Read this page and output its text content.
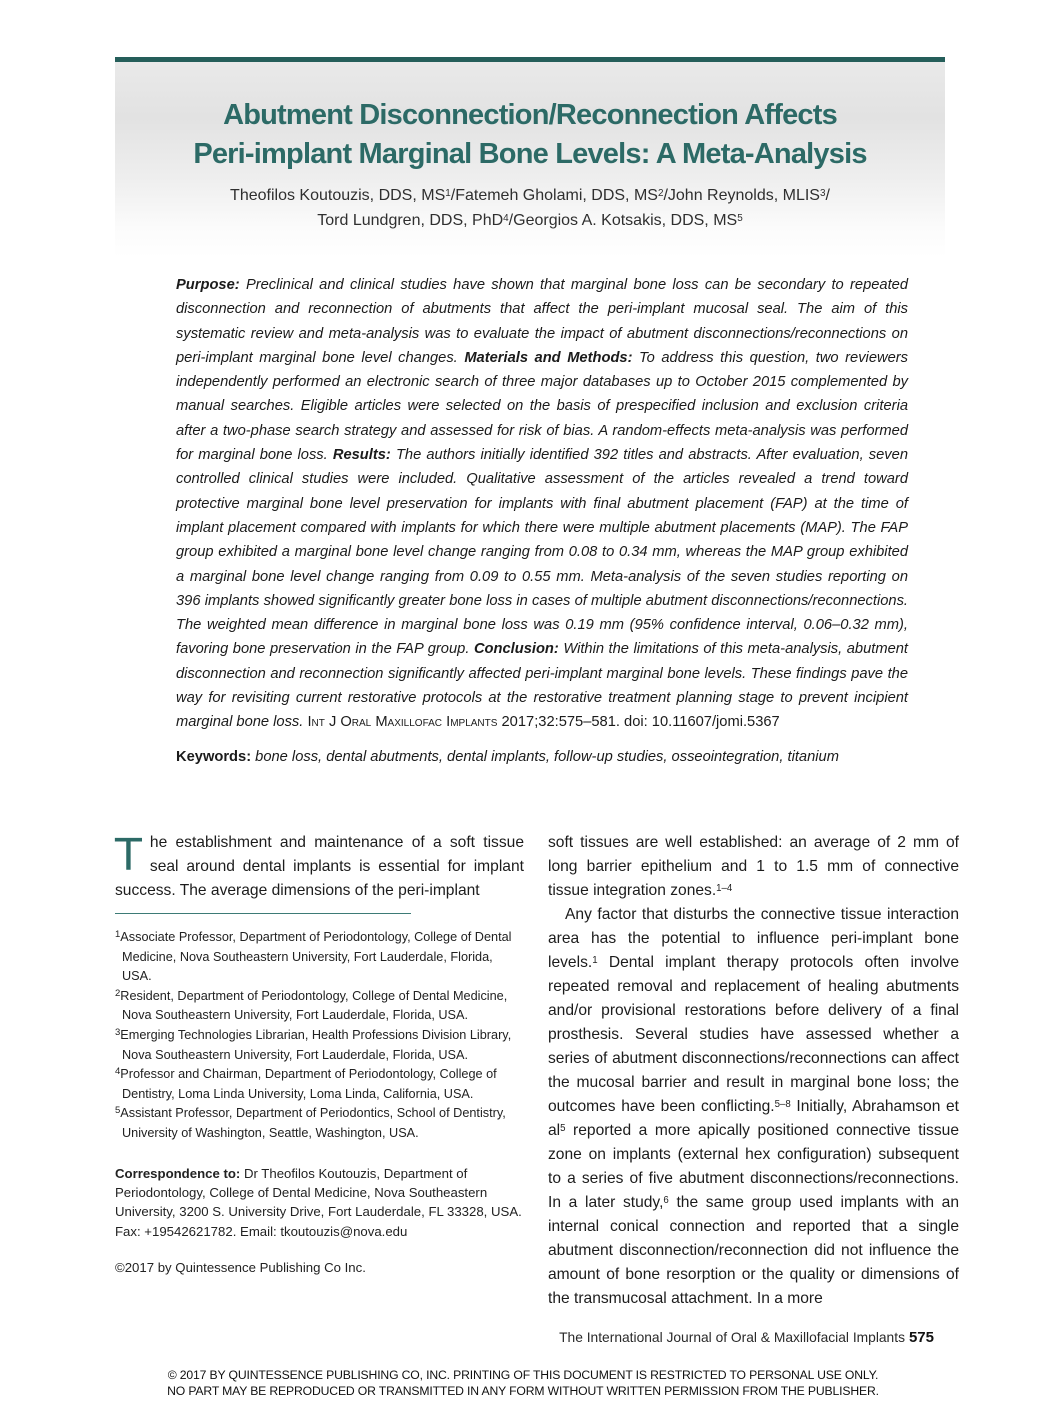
Abutment Disconnection/Reconnection Affects
Peri-implant Marginal Bone Levels: A Meta-Analysis
Theofilos Koutouzis, DDS, $MS^1$/Fatemeh Gholami, DDS, $MS^2$/John Reynolds, MLIS$^3$/
Tord Lundgren, DDS, PhD$^4$/Georgios A. Kotsakis, DDS, $MS^5$

Purpose: Preclinical and clinical studies have shown that marginal bone loss can be secondary to repeated disconnection and reconnection of abutments that affect the peri-implant mucosal seal. The aim of this systematic review and meta-analysis was to evaluate the impact of abutment disconnections/reconnections on peri-implant marginal bone level changes. Materials and Methods: To address this question, two reviewers independently performed an electronic search of three major databases up to October 2015 complemented by manual searches. Eligible articles were selected on the basis of prespecified inclusion and exclusion criteria after a two-phase search strategy and assessed for risk of bias. A random-effects meta-analysis was performed for marginal bone loss. Results: The authors initially identified 392 titles and abstracts. After evaluation, seven controlled clinical studies were included. Qualitative assessment of the articles revealed a trend toward protective marginal bone level preservation for implants with final abutment placement (FAP) at the time of implant placement compared with implants for which there were multiple abutment placements (MAP). The FAP group exhibited a marginal bone level change ranging from 0.08 to 0.34 mm, whereas the MAP group exhibited a marginal bone level change ranging from 0.09 to 0.55 mm. Meta-analysis of the seven studies reporting on 396 implants showed significantly greater bone loss in cases of multiple abutment disconnections/reconnections. The weighted mean difference in marginal bone loss was 0.19 mm (95% confidence interval, 0.06–0.32 mm), favoring bone preservation in the FAP group. Conclusion: Within the limitations of this meta-analysis, abutment disconnection and reconnection significantly affected peri-implant marginal bone levels. These findings pave the way for revisiting current restorative protocols at the restorative treatment planning stage to prevent incipient marginal bone loss. Int J Oral Maxillofac Implants 2017;32:575–581. doi: 10.11607/jomi.5367

Keywords: bone loss, dental abutments, dental implants, follow-up studies, osseointegration, titanium

The establishment and maintenance of a soft tissue seal around dental implants is essential for implant success. The average dimensions of the peri-implant

$^1$Associate Professor, Department of Periodontology, College of Dental Medicine, Nova Southeastern University, Fort Lauderdale, Florida, USA.
$^2$Resident, Department of Periodontology, College of Dental Medicine, Nova Southeastern University, Fort Lauderdale, Florida, USA.
$^3$Emerging Technologies Librarian, Health Professions Division Library, Nova Southeastern University, Fort Lauderdale, Florida, USA.
$^4$Professor and Chairman, Department of Periodontology, College of Dentistry, Loma Linda University, Loma Linda, California, USA.
$^5$Assistant Professor, Department of Periodontics, School of Dentistry, University of Washington, Seattle, Washington, USA.

Correspondence to: Dr Theofilos Koutouzis, Department of Periodontology, College of Dental Medicine, Nova Southeastern University, 3200 S. University Drive, Fort Lauderdale, FL 33328, USA. Fax: +19542621782. Email: tkoutouzis@nova.edu

©2017 by Quintessence Publishing Co Inc.

soft tissues are well established: an average of 2 mm of long barrier epithelium and 1 to 1.5 mm of connective tissue integration zones.$^{1-4}$

Any factor that disturbs the connective tissue interaction area has the potential to influence peri-implant bone levels.$^1$ Dental implant therapy protocols often involve repeated removal and replacement of healing abutments and/or provisional restorations before delivery of a final prosthesis. Several studies have assessed whether a series of abutment disconnections/reconnections can affect the mucosal barrier and result in marginal bone loss; the outcomes have been conflicting.$^{5-8}$ Initially, Abrahamson et $al^5$ reported a more apically positioned connective tissue zone on implants (external hex configuration) subsequent to a series of five abutment disconnections/reconnections. In a later study,$^6$ the same group used implants with an internal conical connection and reported that a single abutment disconnection/reconnection did not influence the amount of bone resorption or the quality or dimensions of the transmucosal attachment. In a more

The International Journal of Oral & Maxillofacial Implants 575
© 2017 BY QUINTESSENCE PUBLISHING CO, INC. PRINTING OF THIS DOCUMENT IS RESTRICTED TO PERSONAL USE ONLY.
NO PART MAY BE REPRODUCED OR TRANSMITTED IN ANY FORM WITHOUT WRITTEN PERMISSION FROM THE PUBLISHER.
